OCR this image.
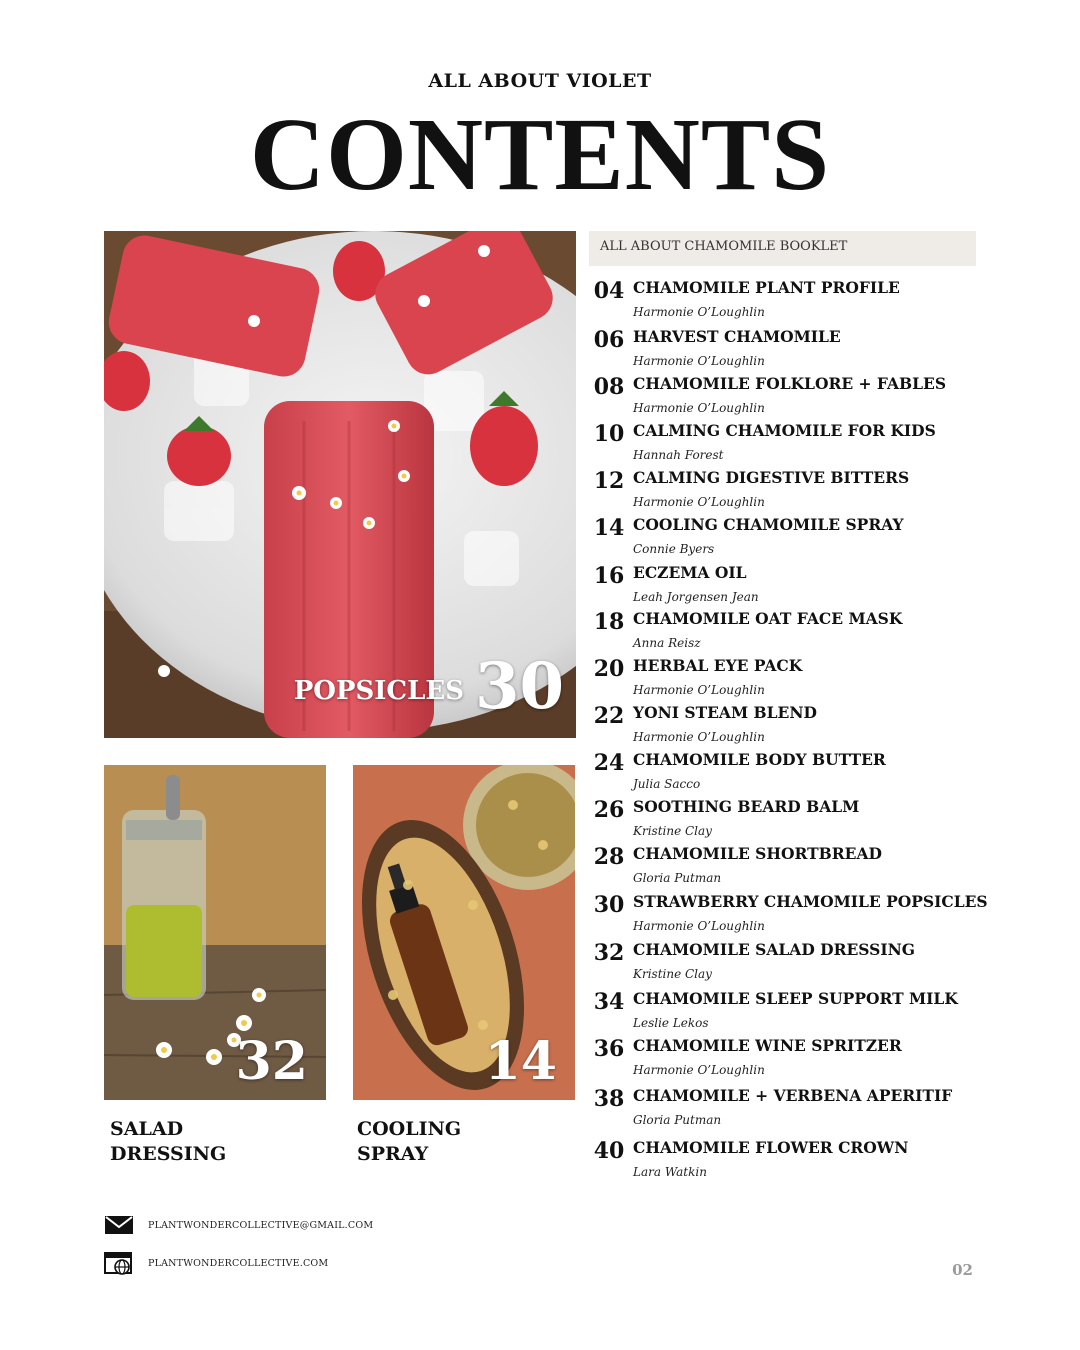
ALL ABOUT VIOLET
CONTENTS
POPSICLES 30
32	14
SALAD
DRESSING
COOLING
SPRAY
ALL ABOUT CHAMOMILE BOOKLET
04 CHAMOMILE PLANT PROFILE
Harmonie O’Loughlin
06 HARVEST CHAMOMILE
Harmonie O’Loughlin
08 CHAMOMILE FOLKLORE + FABLES
Harmonie O’Loughlin
10 CALMING CHAMOMILE FOR KIDS
Hannah Forest
12 CALMING DIGESTIVE BITTERS
Harmonie O’Loughlin
14 COOLING CHAMOMILE SPRAY
Connie Byers
16 ECZEMA OIL
Leah Jorgensen Jean
18 CHAMOMILE OAT FACE MASK
Anna Reisz
20 HERBAL EYE PACK
Harmonie O’Loughlin
22 YONI STEAM BLEND
Harmonie O’Loughlin
24 CHAMOMILE BODY BUTTER
Julia Sacco
26 SOOTHING BEARD BALM
Kristine Clay
28 CHAMOMILE SHORTBREAD
Gloria Putman
30 STRAWBERRY CHAMOMILE POPSICLES
Harmonie O’Loughlin
32 CHAMOMILE SALAD DRESSING
Kristine Clay
34 CHAMOMILE SLEEP SUPPORT MILK
Leslie Lekos
36 CHAMOMILE WINE SPRITZER
Harmonie O’Loughlin
38 CHAMOMILE + VERBENA APERITIF
Gloria Putman
40 CHAMOMILE FLOWER CROWN
Lara Watkin
PLANTWONDERCOLLECTIVE@GMAIL.COM
PLANTWONDERCOLLECTIVE.COM	02
